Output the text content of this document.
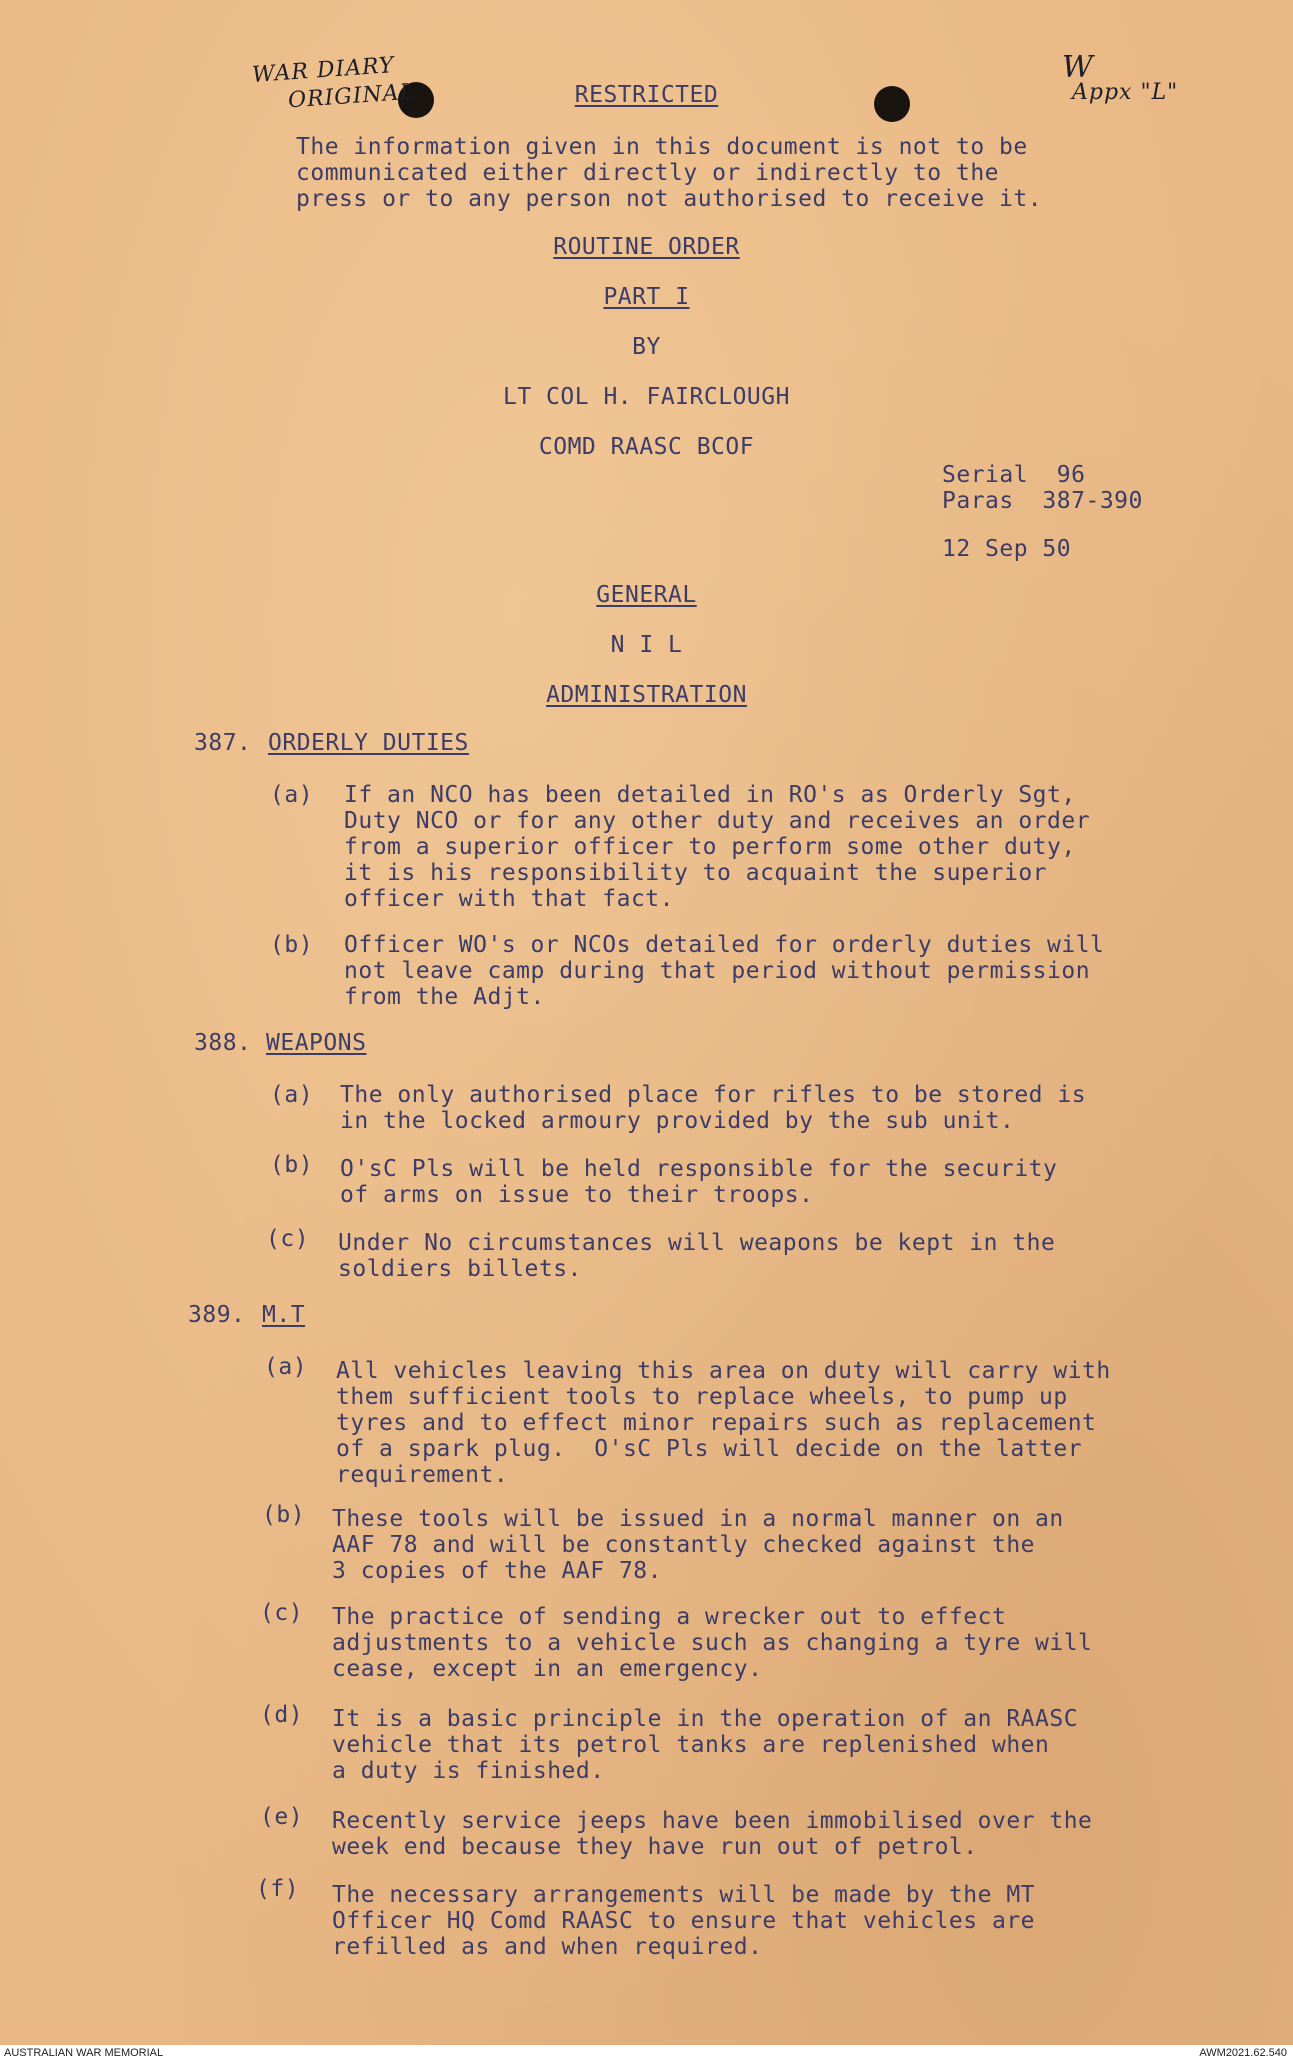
WAR DIARY
ORIGINAL
W
Appx "L"
RESTRICTED
The information given in this document is not to be
communicated either directly or indirectly to the
press or to any person not authorised to receive it.
ROUTINE ORDER
PART I
BY
LT COL H. FAIRCLOUGH
COMD RAASC BCOF
Serial  96
Paras  387-390
12 Sep 50
GENERAL
N I L
ADMINISTRATION
387. ORDERLY DUTIES
(a) If an NCO has been detailed in RO's as Orderly Sgt,
Duty NCO or for any other duty and receives an order
from a superior officer to perform some other duty,
it is his responsibility to acquaint the superior
officer with that fact.
(b) Officer WO's or NCOs detailed for orderly duties will
not leave camp during that period without permission
from the Adjt.
388. WEAPONS
(a) The only authorised place for rifles to be stored is
in the locked armoury provided by the sub unit.
(b) O'sC Pls will be held responsible for the security
of arms on issue to their troops.
(c) Under No circumstances will weapons be kept in the
soldiers billets.
389. M.T
(a) All vehicles leaving this area on duty will carry with
them sufficient tools to replace wheels, to pump up
tyres and to effect minor repairs such as replacement
of a spark plug.  O'sC Pls will decide on the latter
requirement.
(b) These tools will be issued in a normal manner on an
AAF 78 and will be constantly checked against the
3 copies of the AAF 78.
(c) The practice of sending a wrecker out to effect
adjustments to a vehicle such as changing a tyre will
cease, except in an emergency.
(d) It is a basic principle in the operation of an RAASC
vehicle that its petrol tanks are replenished when
a duty is finished.
(e) Recently service jeeps have been immobilised over the
week end because they have run out of petrol.
(f) The necessary arrangements will be made by the MT
Officer HQ Comd RAASC to ensure that vehicles are
refilled as and when required.
AUSTRALIAN WAR MEMORIAL	AWM2021.62.540
